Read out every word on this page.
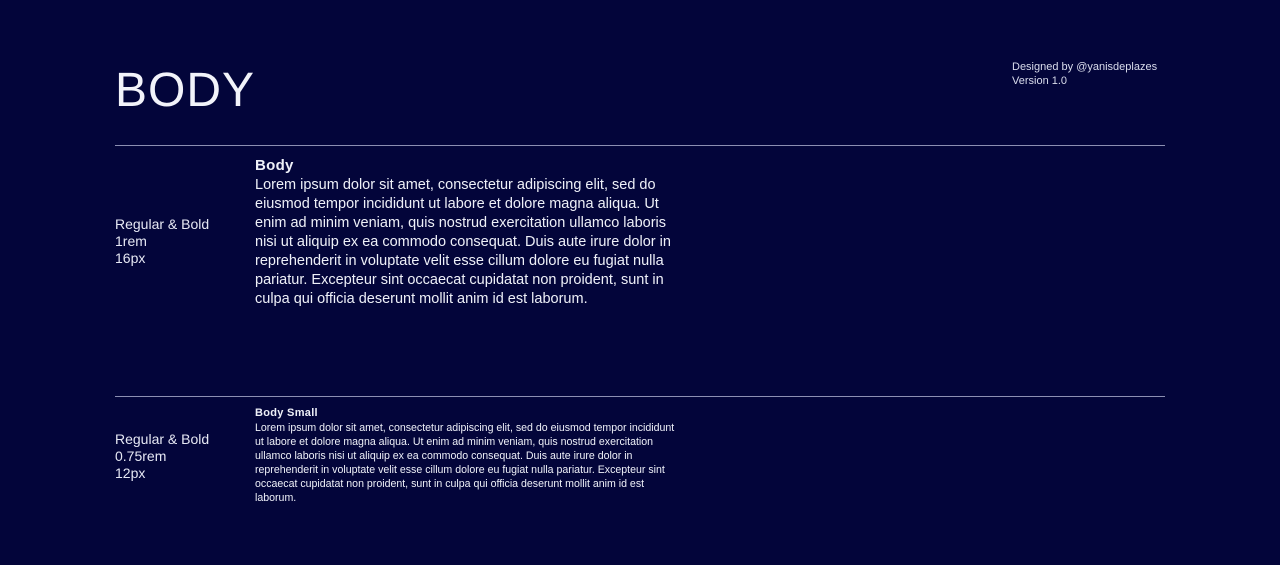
BODY	Designed by @yanisdeplazes
Version 1.0
Regular & Bold
1rem
16px
Body
Lorem ipsum dolor sit amet, consectetur adipiscing elit, sed do eiusmod tempor incididunt ut labore et dolore magna aliqua. Ut enim ad minim veniam, quis nostrud exercitation ullamco laboris nisi ut aliquip ex ea commodo consequat. Duis aute irure dolor in reprehenderit in voluptate velit esse cillum dolore eu fugiat nulla pariatur. Excepteur sint occaecat cupidatat non proident, sunt in culpa qui officia deserunt mollit anim id est laborum.
Regular & Bold
0.75rem
12px
Body Small
Lorem ipsum dolor sit amet, consectetur adipiscing elit, sed do eiusmod tempor incididunt ut labore et dolore magna aliqua. Ut enim ad minim veniam, quis nostrud exercitation ullamco laboris nisi ut aliquip ex ea commodo consequat. Duis aute irure dolor in reprehenderit in voluptate velit esse cillum dolore eu fugiat nulla pariatur. Excepteur sint occaecat cupidatat non proident, sunt in culpa qui officia deserunt mollit anim id est laborum.
